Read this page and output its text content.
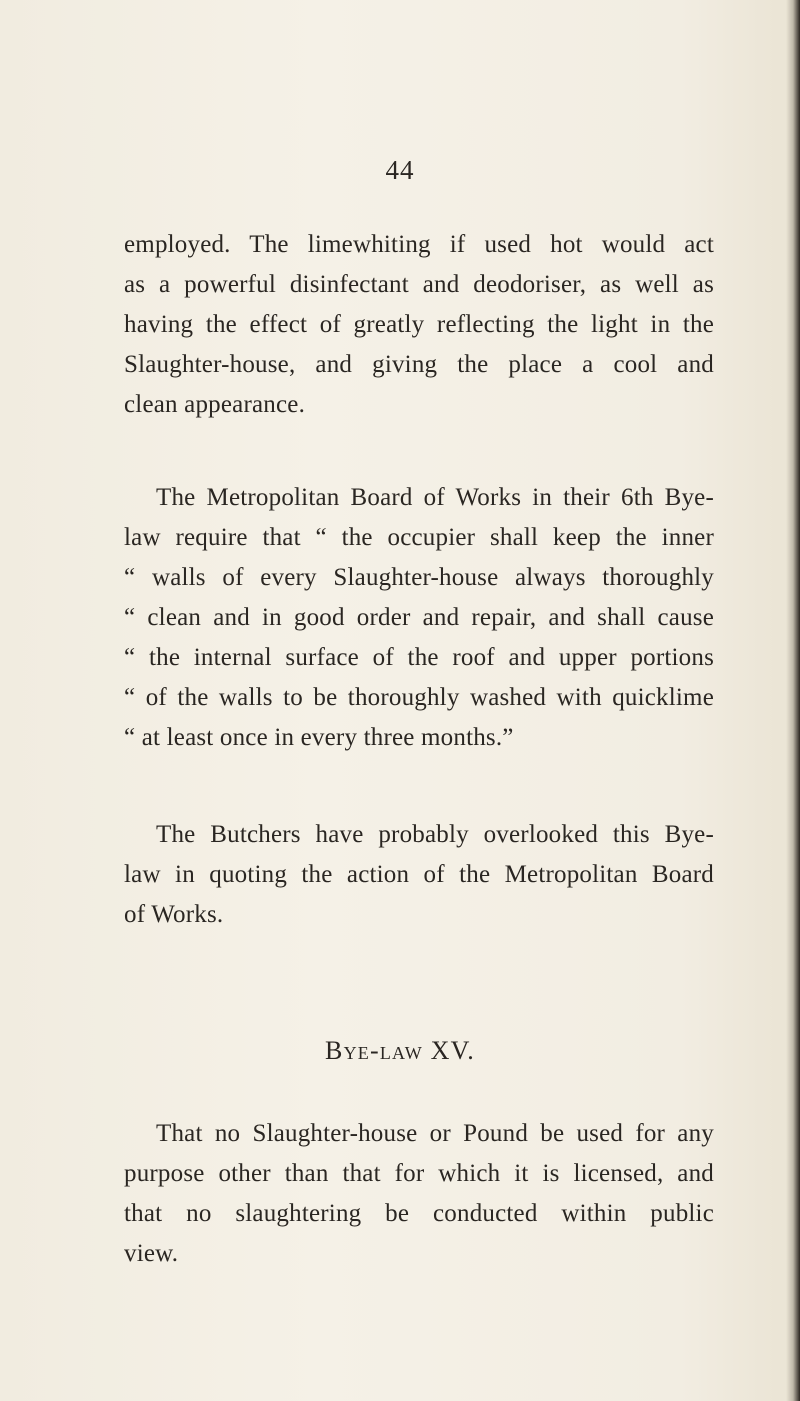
44
employed. The limewhiting if used hot would act
as a powerful disinfectant and deodoriser, as well as
having the effect of greatly reflecting the light in the
Slaughter-house, and giving the place a cool and
clean appearance.
The Metropolitan Board of Works in their 6th Bye-
law require that “ the occupier shall keep the inner
“ walls of every Slaughter-house always thoroughly
“ clean and in good order and repair, and shall cause
“ the internal surface of the roof and upper portions
“ of the walls to be thoroughly washed with quicklime
“ at least once in every three months.”
The Butchers have probably overlooked this Bye-
law in quoting the action of the Metropolitan Board
of Works.
Bye-law XV.
That no Slaughter-house or Pound be used for any
purpose other than that for which it is licensed, and
that no slaughtering be conducted within public
view.
